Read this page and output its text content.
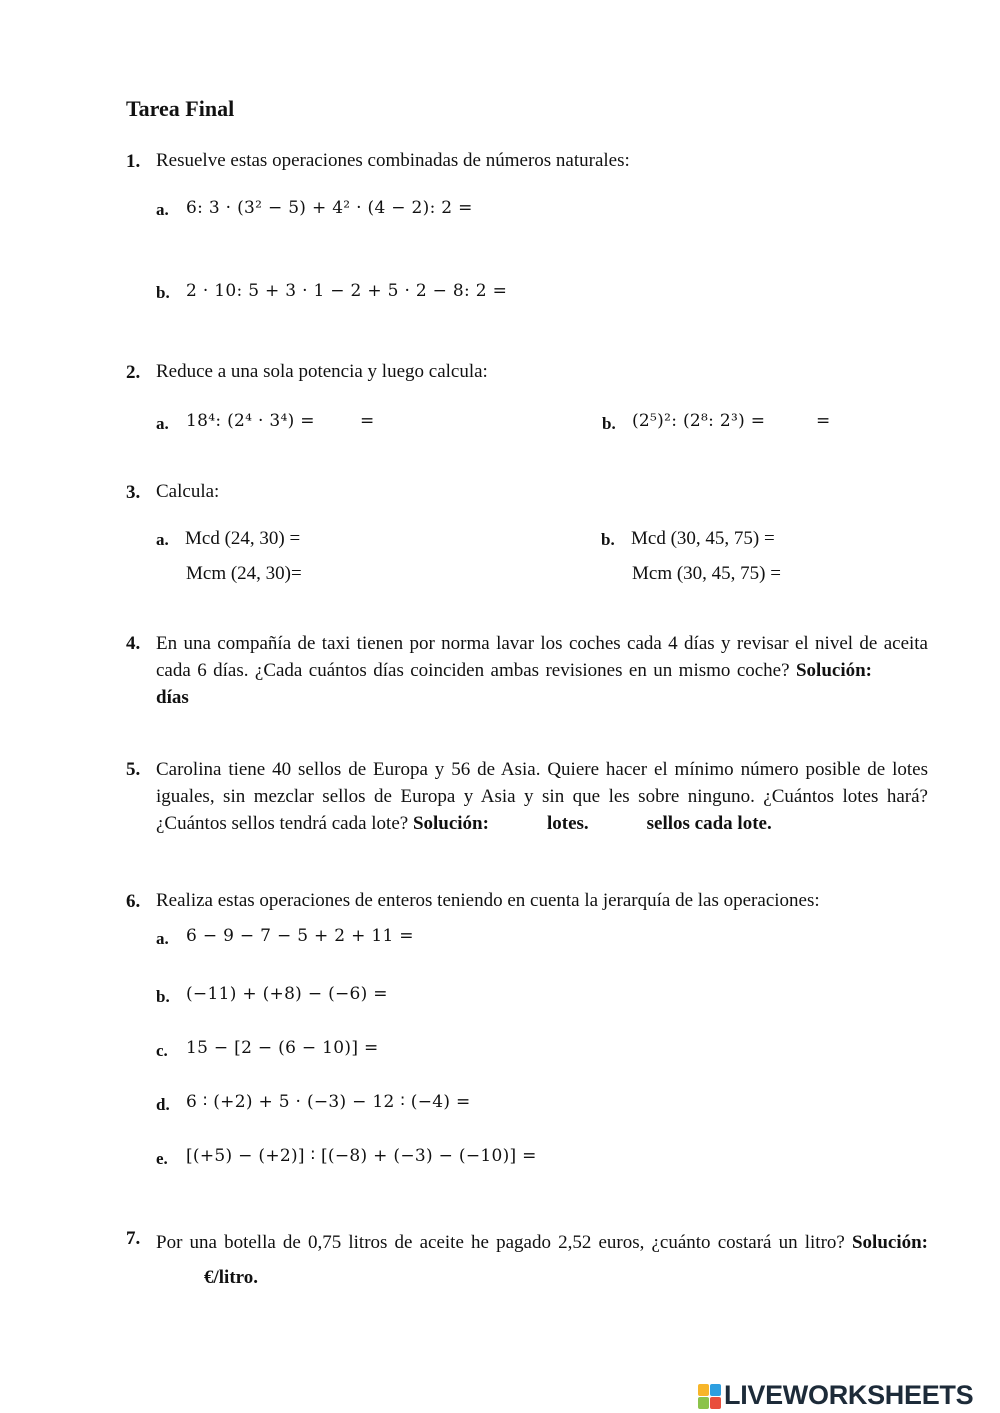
Tarea Final
1. Resuelve estas operaciones combinadas de números naturales:
a. 6: 3 · (3² − 5) + 4² · (4 − 2): 2 =
b. 2 · 10: 5 + 3 · 1 − 2 + 5 · 2 − 8: 2 =
2. Reduce a una sola potencia y luego calcula:
a. 18⁴: (2⁴ · 3⁴) =	=	b. (2⁵)²: (2⁸: 2³) =	=
3. Calcula:
a. Mcd (24, 30) =
Mcm (24, 30)=
b. Mcd (30, 45, 75) =
Mcm (30, 45, 75) =
4. En una compañía de taxi tienen por norma lavar los coches cada 4 días y revisar el nivel de aceita cada 6 días. ¿Cada cuántos días coinciden ambas revisiones en un mismo coche? Solución:días
5. Carolina tiene 40 sellos de Europa y 56 de Asia. Quiere hacer el mínimo número posible de lotes iguales, sin mezclar sellos de Europa y Asia y sin que les sobre ninguno. ¿Cuántos lotes hará? ¿Cuántos sellos tendrá cada lote? Solución:	lotes.	sellos cada lote.
6. Realiza estas operaciones de enteros teniendo en cuenta la jerarquía de las operaciones:
a. 6 − 9 − 7 − 5 + 2 + 11 =
b. (−11) + (+8) − (−6) =
c. 15 − [2 − (6 − 10)] =
d. 6 ∶ (+2) + 5 · (−3) − 12 ∶ (−4) =
e. [(+5) − (+2)] ∶ [(−8) + (−3) − (−10)] =
7. Por una botella de 0,75 litros de aceite he pagado 2,52 euros, ¿cuánto costará un litro? Solución:€/litro.
LIVEWORKSHEETS
